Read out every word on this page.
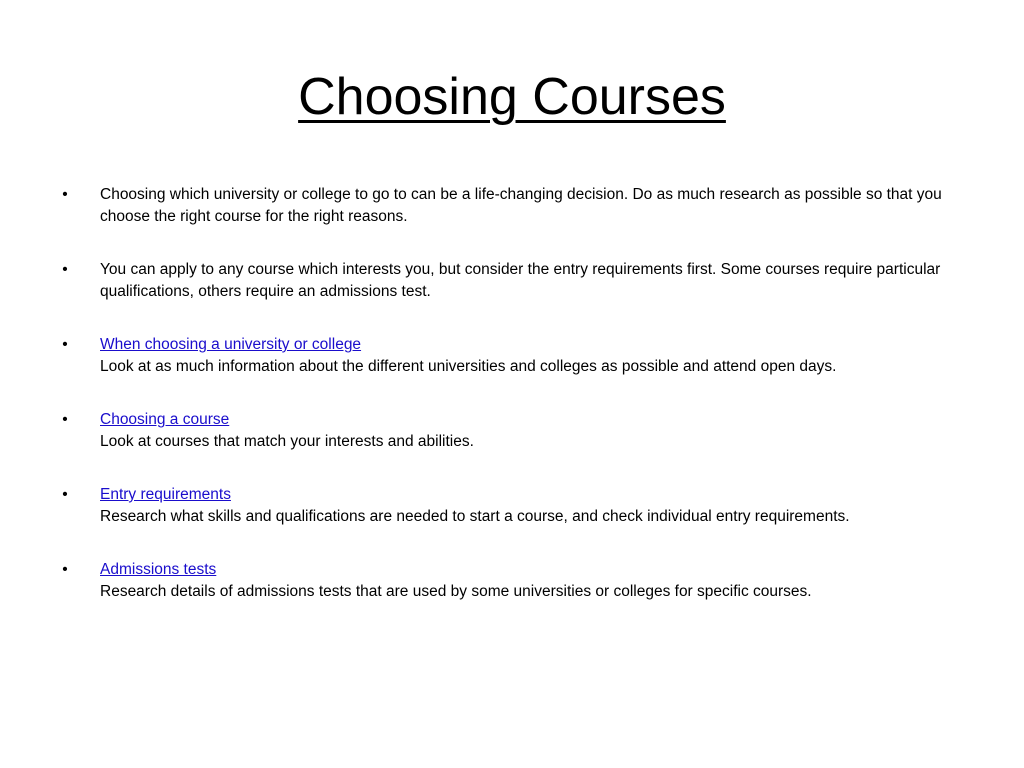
Choosing Courses
• Choosing which university or college to go to can be a life-changing decision. Do as much research as possible so that you choose the right course for the right reasons.
• You can apply to any course which interests you, but consider the entry requirements first. Some courses require particular qualifications, others require an admissions test.
• When choosing a university or college
Look at as much information about the different universities and colleges as possible and attend open days.
• Choosing a course
Look at courses that match your interests and abilities.
• Entry requirements
Research what skills and qualifications are needed to start a course, and check individual entry requirements.
• Admissions tests
Research details of admissions tests that are used by some universities or colleges for specific courses.
